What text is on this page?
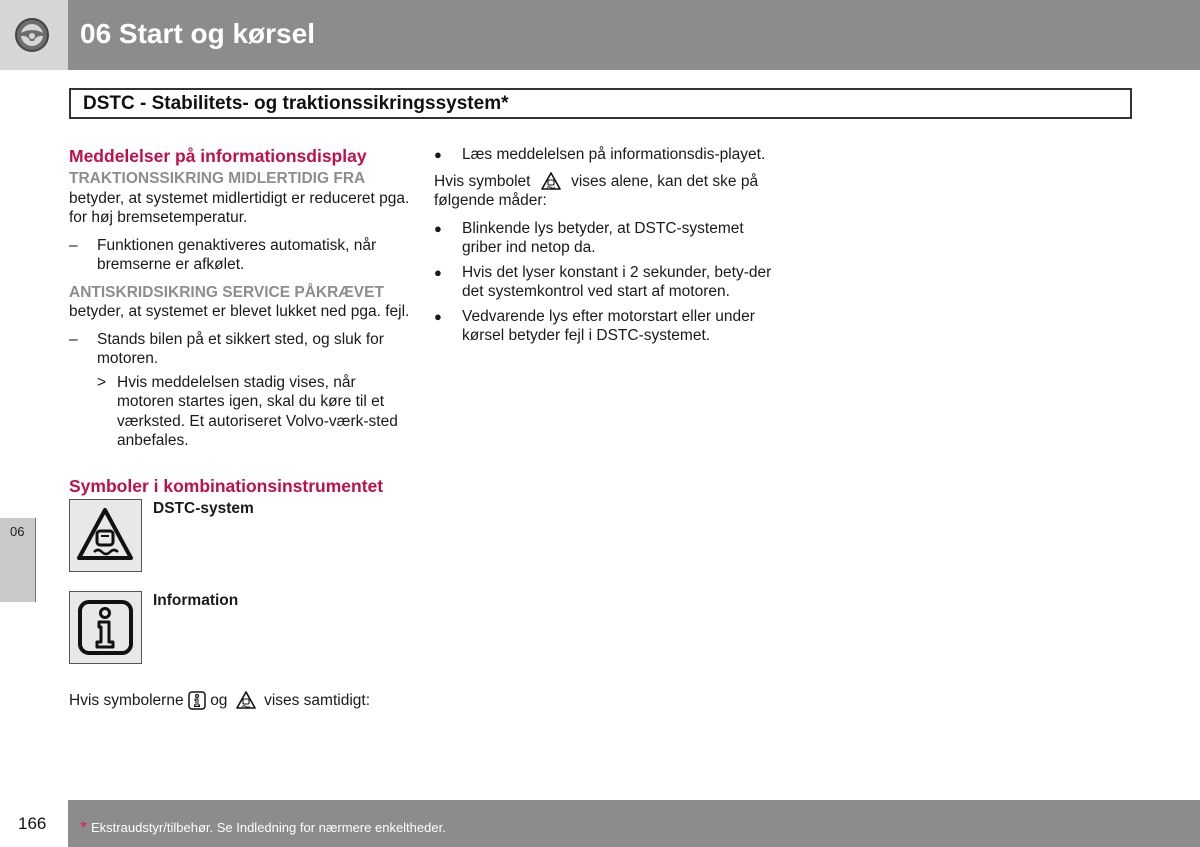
06 Start og kørsel
DSTC - Stabilitets- og traktionssikringssystem*
Meddelelser på informationsdisplay

TRAKTIONSSIKRING MIDLERTIDIG FRA
betyder, at systemet midlertidigt er reduceret pga. for høj bremsetemperatur.

– Funktionen genaktiveres automatisk, når bremserne er afkølet.

ANTISKRIDSIKRING SERVICE PÅKRÆVET betyder, at systemet er blevet lukket ned pga. fejl.

– Stands bilen på et sikkert sted, og sluk for motoren.
> Hvis meddelelsen stadig vises, når motoren startes igen, skal du køre til et værksted. Et autoriseret Volvo-værk-sted anbefales.
Symboler i kombinationsinstrumentet
DSTC-system
Information

Hvis symbolerne og vises samtidigt:

● Læs meddelelsen på informationsdis-playet.

Hvis symbolet	vises alene, kan det ske på følgende måder:

● Blinkende lys betyder, at DSTC-systemet griber ind netop da.
● Hvis det lyser konstant i 2 sekunder, bety-der det systemkontrol ved start af motoren.
● Vedvarende lys efter motorstart eller under kørsel betyder fejl i DSTC-systemet.
06
166 * Ekstraudstyr/tilbehør. Se Indledning for nærmere enkeltheder.
